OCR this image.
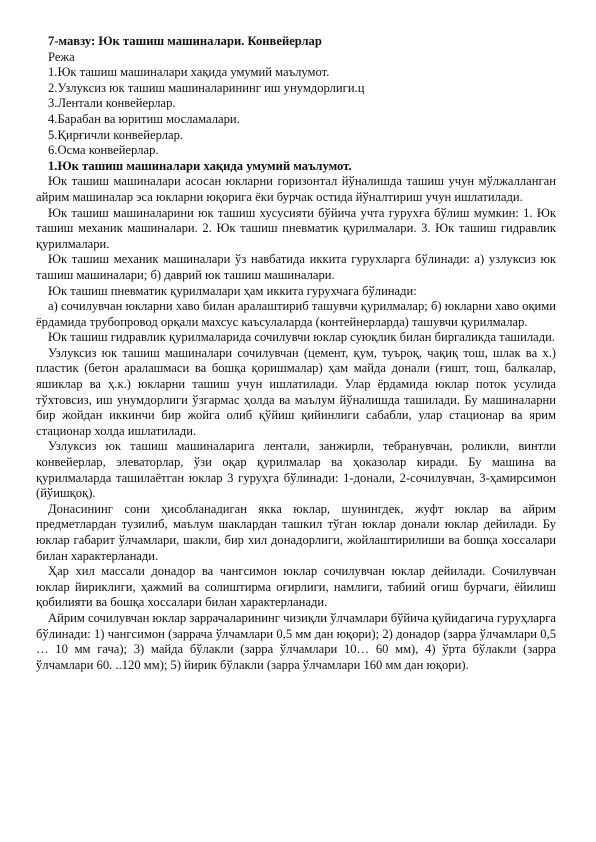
7-мавзу: Юк ташиш машиналари. Конвейерлар
Режа
1.Юк ташиш машиналари хақида умумий маълумот.
2.Узлуксиз юк ташиш машиналарининг иш унумдорлиги.ц
3.Лентали конвейерлар.
4.Барабан ва юритиш мосламалари.
5.Қирғичли конвейерлар.
6.Осма конвейерлар.
1.Юк ташиш машиналари хақида умумий маълумот.

Юк ташиш машиналари асосан юкларни горизонтал йўналишда ташиш учун мўлжалланган айрим машиналар эса юкларни юқорига ёки бурчак остида йўналтириш учун ишлатилади.

Юк ташиш машиналарини юк ташиш хусусияти бўйича учта гурухға бўлиш мумкин: 1. Юк ташиш механик машиналари. 2. Юк ташиш пневматик қурилмалари. 3. Юк ташиш гидравлик қурилмалари.

Юк ташиш механик машиналари ўз навбатида иккита гурухларга бўлинади: а) узлуксиз юк ташиш машиналари; б) даврий юк ташиш машиналари.

Юк ташиш пневматик қурилмалари ҳам иккита гурухчага бўлинади:

а) сочилувчан юкларни хаво билан аралаштириб ташувчи қурилмалар; б) юкларни хаво оқими ёрдамида трубопровод орқали махсус каъсулаларда (контейнерларда) ташувчи қурилмалар.

Юк ташиш гидравлик қурилмаларида сочилувчи юклар суюқлик билан биргаликда ташилади.

Узлуксиз юк ташиш машиналари сочилувчан (цемент, қум, туърoқ, чақиқ тош, шлак ва х.) пластик (бетон аралашмаси ва бошқа қоришмалар) ҳам майда донали (ғишт, тош, балкалар, яшиклар ва ҳ.к.) юкларни ташиш учун ишлатилади. Улар ёрдамида юклар поток усулида тўхтовсиз, иш унумдорлиги ўзгармас ҳолда ва маълум йўналишда ташилади. Бу машиналарни бир жойдан иккинчи бир жойга олиб қўйиш қийинлиги сабабли, улар стационар ва ярим стационар холда ишлатилади.

Узлуксиз юк ташиш машиналарига лентали, занжирли, тебранувчан, роликли, винтли конвейерлар, элеваторлар, ўзи оқар қурилмалар ва ҳоказолар киради. Бу машина ва қурилмаларда ташилаётган юклар 3 гуруҳга бўлинади: 1-донали, 2-сочилувчан, 3-ҳамирсимон (йўишқоқ).

Донасининг сони ҳисобланадиган якка юклар, шунингдек, жуфт юклар ва айрим предметлардан тузилиб, маълум шаклардан ташкил тўган юклар донали юклар дейилади. Бу юклар габарит ўлчамлари, шакли, бир хил донадорлиги, жойлаштирилиши ва бошқа хоссалари билан характерланади.

Ҳар хил массали донадор ва чангсимон юклар сочилувчан юклар дейилади. Сочилувчан юклар йириклиги, ҳажмий ва солиштирма оғирлиги, намлиги, табиий оғиш бурчаги, ёйилиш қобилияти ва бошқа хоссалари билан характерланади.

Айрим сочилувчан юклар заррачаларининг чизиқли ўлчамлари бўйича қуйидагича гуруҳларга бўлинади: 1) чангсимон (заррача ўлчамлари 0,5 мм дан юқори); 2) донадор (зарра ўлчамлари 0,5 … 10 мм гача); 3) майда бўлакли (зарра ўлчамлари 10… 60 мм), 4) ўрта бўлакли (зарра ўлчамлари 60. ..120 мм); 5) йирик бўлакли (зарра ўлчамлари 160 мм дан юқори).
